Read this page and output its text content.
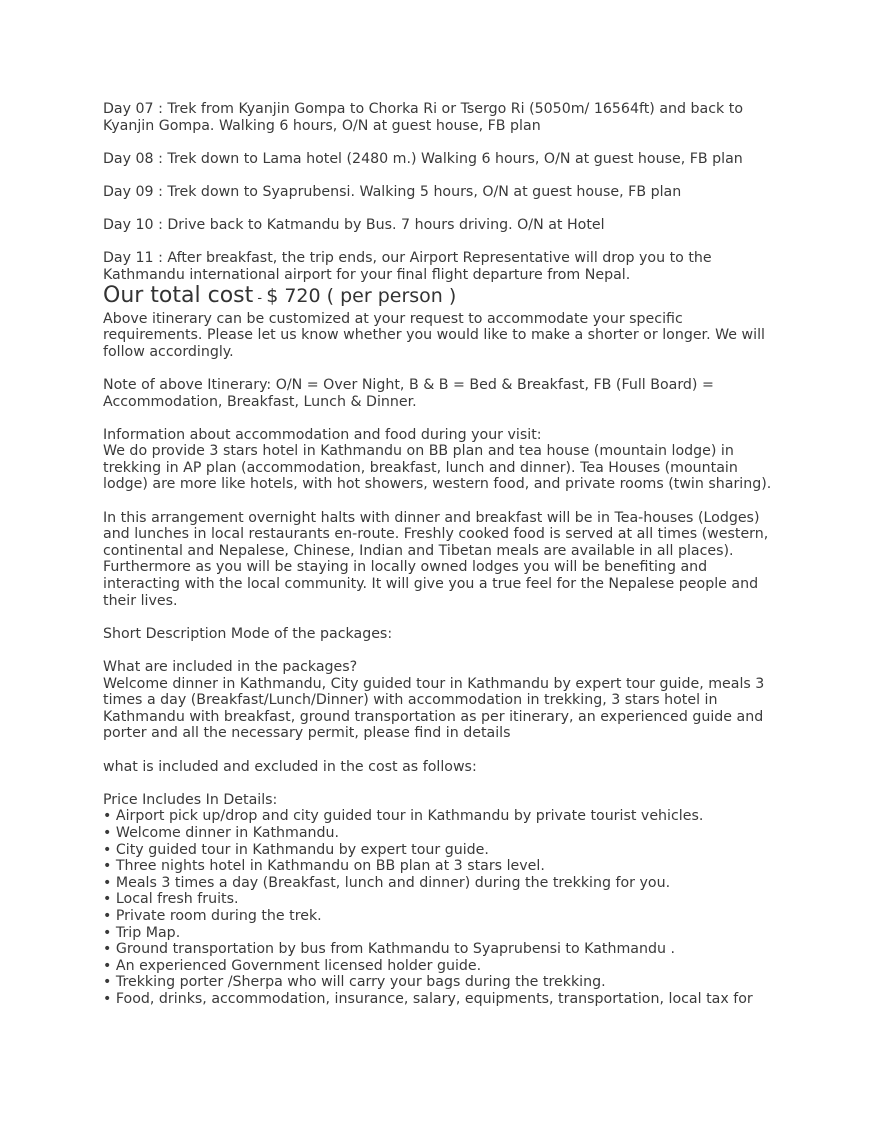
Day 07 : Trek from Kyanjin Gompa to Chorka Ri or Tsergo Ri (5050m/ 16564ft) and back to
Kyanjin Gompa. Walking 6 hours, O/N at guest house, FB plan

Day 08 : Trek down to Lama hotel (2480 m.) Walking 6 hours, O/N at guest house, FB plan

Day 09 : Trek down to Syaprubensi. Walking 5 hours, O/N at guest house, FB plan

Day 10 : Drive back to Katmandu by Bus. 7 hours driving. O/N at Hotel

Day 11 : After breakfast, the trip ends, our Airport Representative will drop you to the
Kathmandu international airport for your final flight departure from Nepal.

Our total cost - $ 720 ( per person )

Above itinerary can be customized at your request to accommodate your specific requirements. Please let us know whether you would like to make a shorter or longer. We will follow accordingly.

Note of above Itinerary: O/N = Over Night, B & B = Bed & Breakfast, FB (Full Board) = Accommodation, Breakfast, Lunch & Dinner.

Information about accommodation and food during your visit:

We do provide 3 stars hotel in Kathmandu on BB plan and tea house (mountain lodge) in trekking in AP plan (accommodation, breakfast, lunch and dinner). Tea Houses (mountain lodge) are more like hotels, with hot showers, western food, and private rooms (twin sharing).

In this arrangement overnight halts with dinner and breakfast will be in Tea-houses (Lodges) and lunches in local restaurants en-route. Freshly cooked food is served at all times (western, continental and Nepalese, Chinese, Indian and Tibetan meals are available in all places). Furthermore as you will be staying in locally owned lodges you will be benefiting and interacting with the local community. It will give you a true feel for the Nepalese people and their lives.

Short Description Mode of the packages:

What are included in the packages?

Welcome dinner in Kathmandu, City guided tour in Kathmandu by expert tour guide, meals 3 times a day (Breakfast/Lunch/Dinner) with accommodation in trekking, 3 stars hotel in Kathmandu with breakfast, ground transportation as per itinerary, an experienced guide and porter and all the necessary permit, please find in details

what is included and excluded in the cost as follows:

Price Includes In Details:

• Airport pick up/drop and city guided tour in Kathmandu by private tourist vehicles.
• Welcome dinner in Kathmandu.
• City guided tour in Kathmandu by expert tour guide.
• Three nights hotel in Kathmandu on BB plan at 3 stars level.
• Meals 3 times a day (Breakfast, lunch and dinner) during the trekking for you.
• Local fresh fruits.
• Private room during the trek.
• Trip Map.
• Ground transportation by bus from Kathmandu to Syaprubensi to Kathmandu .
• An experienced Government licensed holder guide.
• Trekking porter /Sherpa who will carry your bags during the trekking.
• Food, drinks, accommodation, insurance, salary, equipments, transportation, local tax for
